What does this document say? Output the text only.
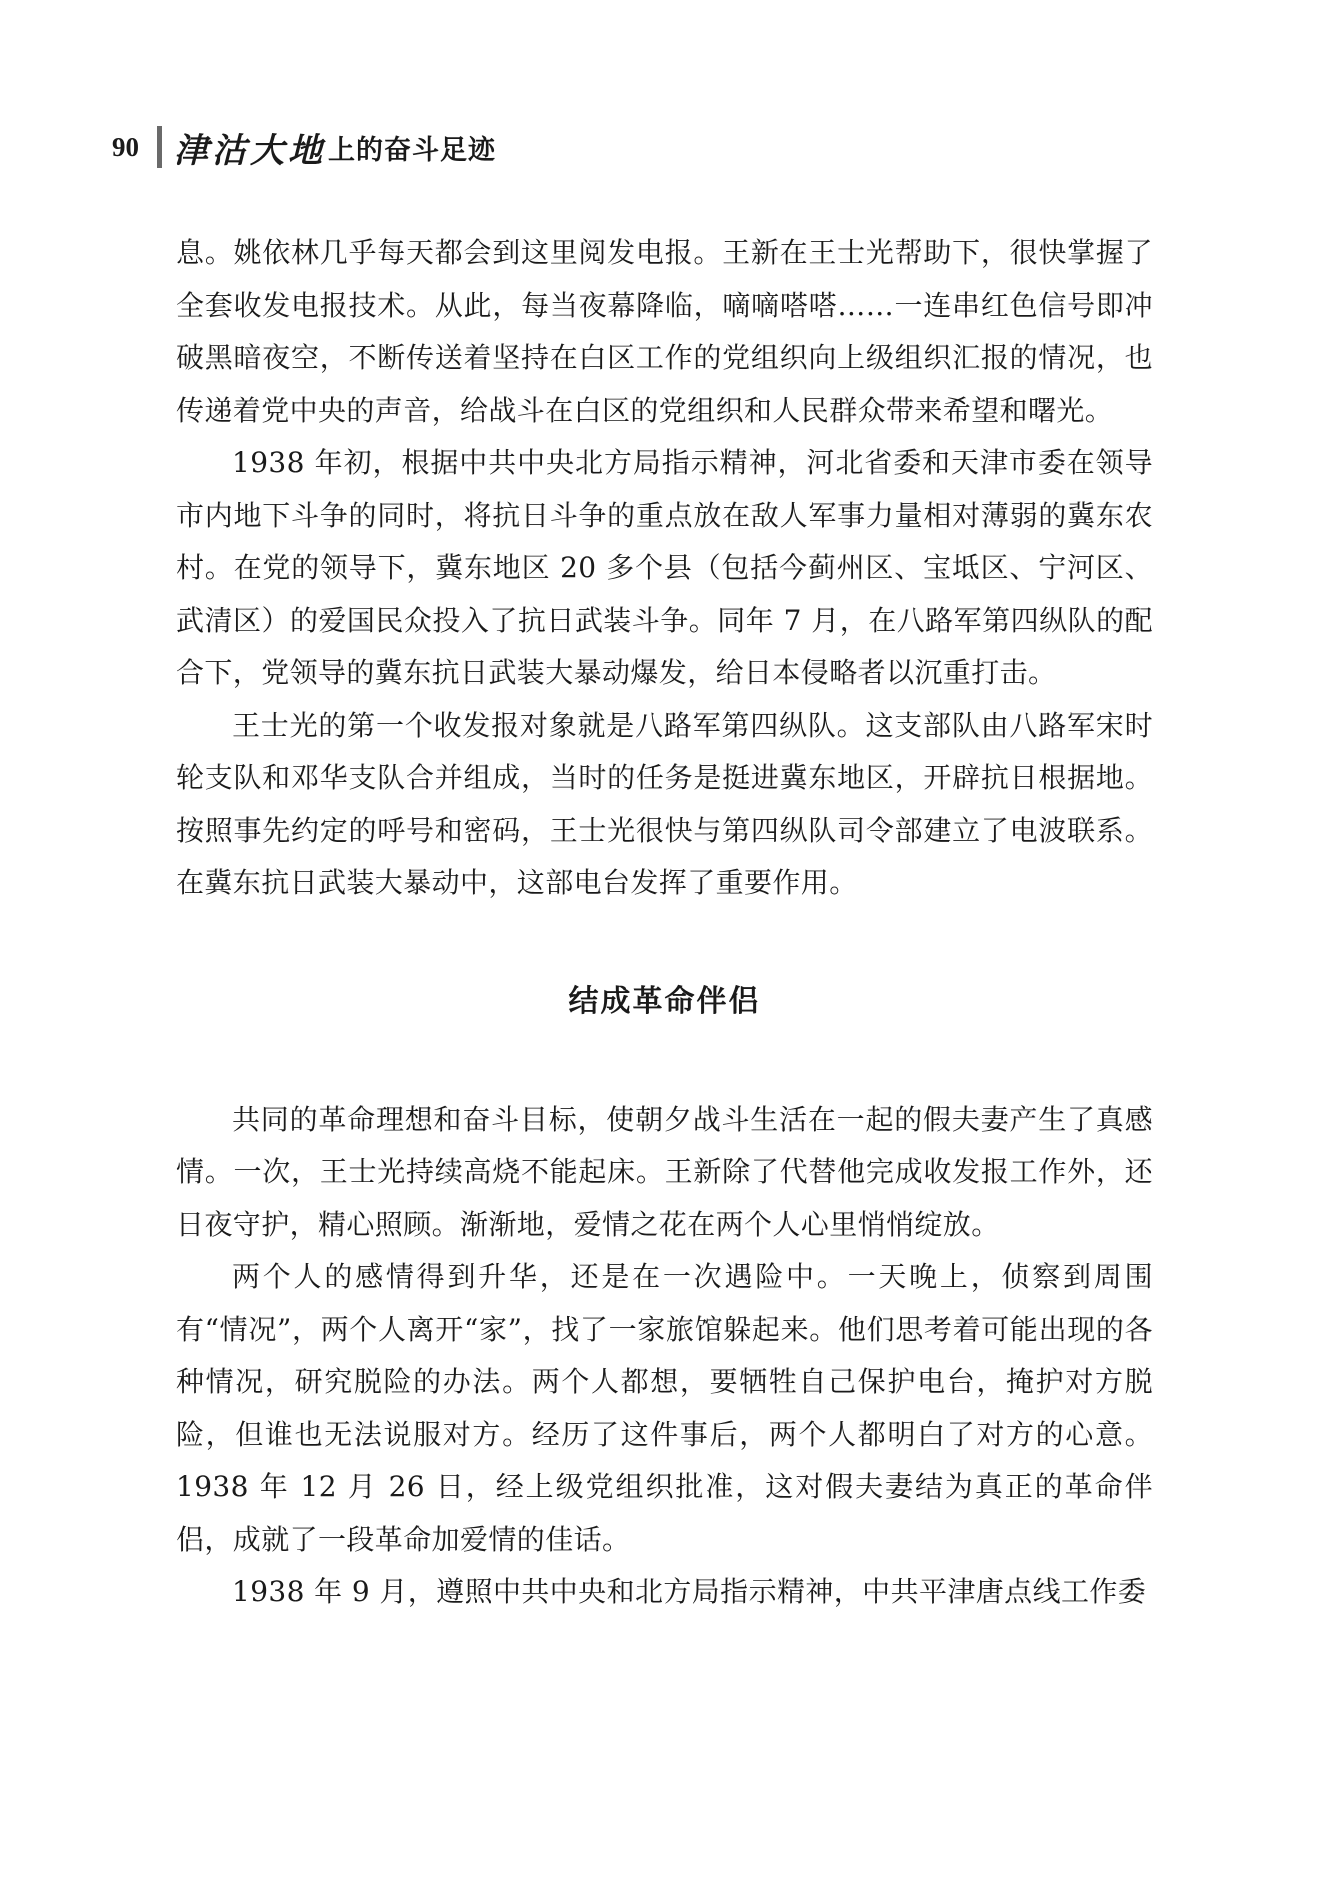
90 津沽大地 上的奋斗足迹

息。姚依林几乎每天都会到这里阅发电报。王新在王士光帮助下，很快掌握了全套收发电报技术。从此，每当夜幕降临，嘀嘀嗒嗒……一连串红色信号即冲破黑暗夜空，不断传送着坚持在白区工作的党组织向上级组织汇报的情况，也传递着党中央的声音，给战斗在白区的党组织和人民群众带来希望和曙光。

1938 年初，根据中共中央北方局指示精神，河北省委和天津市委在领导市内地下斗争的同时，将抗日斗争的重点放在敌人军事力量相对薄弱的冀东农村。在党的领导下，冀东地区 20 多个县（包括今蓟州区、宝坻区、宁河区、武清区）的爱国民众投入了抗日武装斗争。同年 7 月，在八路军第四纵队的配合下，党领导的冀东抗日武装大暴动爆发，给日本侵略者以沉重打击。

王士光的第一个收发报对象就是八路军第四纵队。这支部队由八路军宋时轮支队和邓华支队合并组成，当时的任务是挺进冀东地区，开辟抗日根据地。按照事先约定的呼号和密码，王士光很快与第四纵队司令部建立了电波联系。在冀东抗日武装大暴动中，这部电台发挥了重要作用。

结成革命伴侣

共同的革命理想和奋斗目标，使朝夕战斗生活在一起的假夫妻产生了真感情。一次，王士光持续高烧不能起床。王新除了代替他完成收发报工作外，还日夜守护，精心照顾。渐渐地，爱情之花在两个人心里悄悄绽放。

两个人的感情得到升华，还是在一次遇险中。一天晚上，侦察到周围有“情况”，两个人离开“家”，找了一家旅馆躲起来。他们思考着可能出现的各种情况，研究脱险的办法。两个人都想，要牺牲自己保护电台，掩护对方脱险，但谁也无法说服对方。经历了这件事后，两个人都明白了对方的心意。1938 年 12 月 26 日，经上级党组织批准，这对假夫妻结为真正的革命伴侣，成就了一段革命加爱情的佳话。

1938 年 9 月，遵照中共中央和北方局指示精神，中共平津唐点线工作委
